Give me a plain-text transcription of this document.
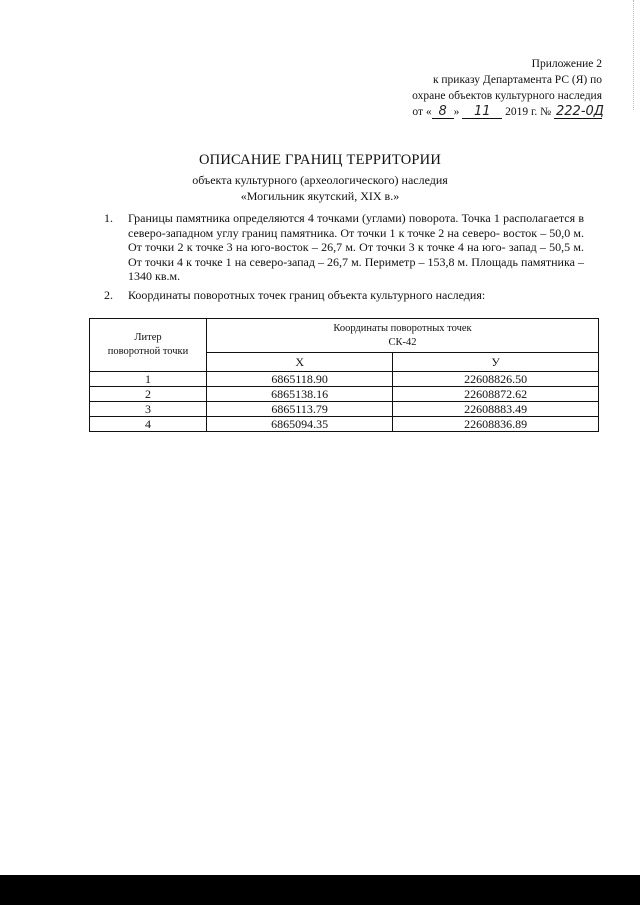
Приложение 2
к приказу Департамента РС (Я) по
охране объектов культурного наследия
от « 8 » 11 2019 г. № 222-0Д
ОПИСАНИЕ ГРАНИЦ ТЕРРИТОРИИ
объекта культурного (археологического) наследия
«Могильник якутский, XIX в.»
1. Границы памятника определяются 4 точками (углами) поворота. Точка 1 располагается в северо-западном углу границ памятника. От точки 1 к точке 2 на северо- восток – 50,0 м. От точки 2 к точке 3 на юго-восток – 26,7 м. От точки 3 к точке 4 на юго- запад – 50,5 м. От точки 4 к точке 1 на северо-запад – 26,7 м. Периметр – 153,8 м. Площадь памятника – 1340 кв.м.
2. Координаты поворотных точек границ объекта культурного наследия:
Литер
поворотной точки	Координаты поворотных точек
СК-42	
	X	У
1	6865118.90	22608826.50
2	6865138.16	22608872.62
3	6865113.79	22608883.49
4	6865094.35	22608836.89
